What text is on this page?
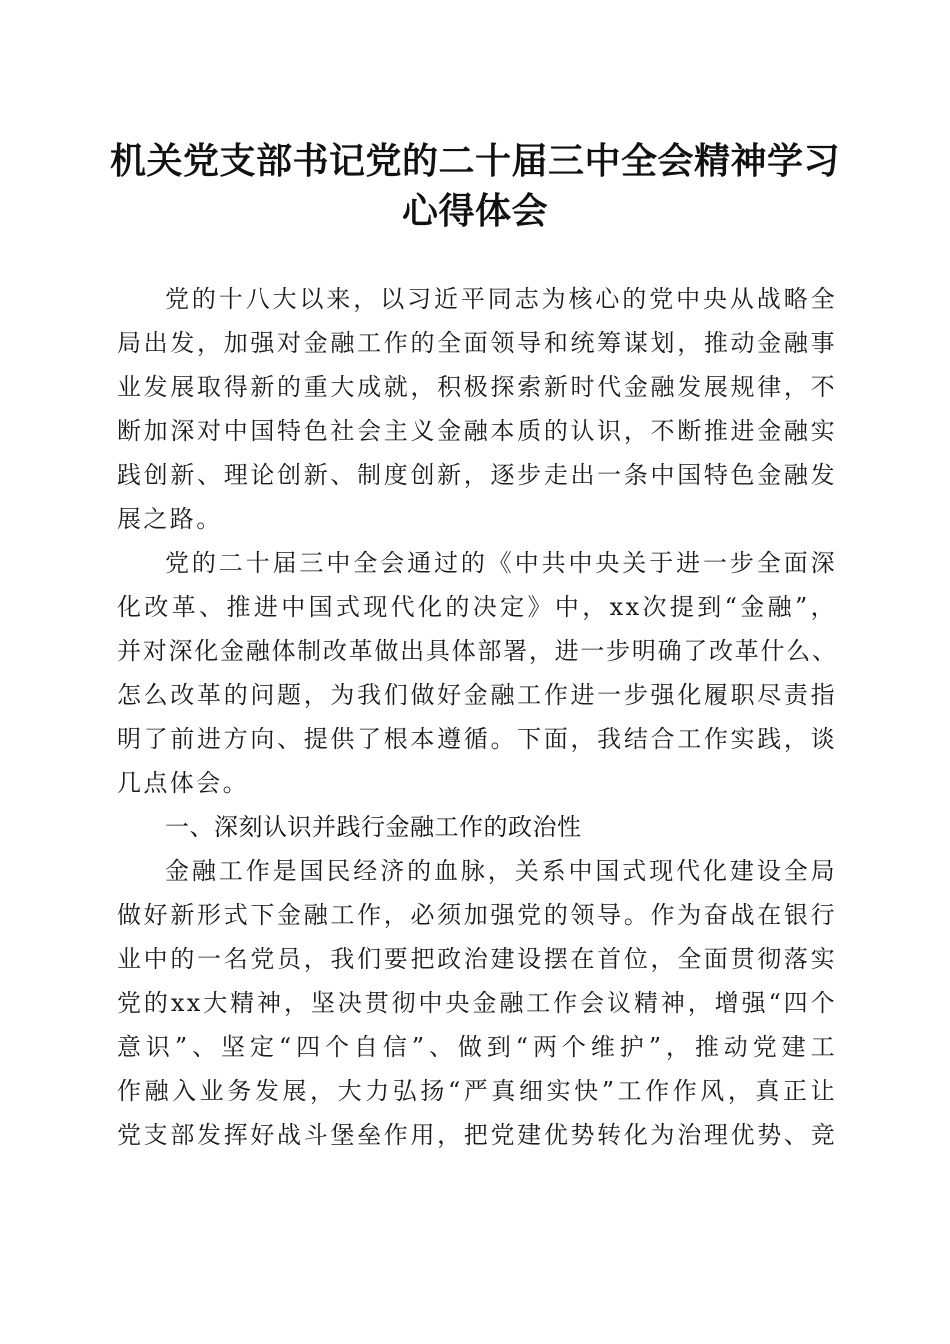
机关党支部书记党的二十届三中全会精神学习
心得体会

党的十八大以来，以习近平同志为核心的党中央从战略全
局出发，加强对金融工作的全面领导和统筹谋划，推动金融事
业发展取得新的重大成就，积极探索新时代金融发展规律，不
断加深对中国特色社会主义金融本质的认识，不断推进金融实
践创新、理论创新、制度创新，逐步走出一条中国特色金融发
展之路。

党的二十届三中全会通过的《中共中央关于进一步全面深
化改革、推进中国式现代化的决定》中，xx次提到“金融”，
并对深化金融体制改革做出具体部署，进一步明确了改革什么、
怎么改革的问题，为我们做好金融工作进一步强化履职尽责指
明了前进方向、提供了根本遵循。下面，我结合工作实践，谈
几点体会。

一、深刻认识并践行金融工作的政治性

金融工作是国民经济的血脉，关系中国式现代化建设全局
做好新形式下金融工作，必须加强党的领导。作为奋战在银行
业中的一名党员，我们要把政治建设摆在首位，全面贯彻落实
党的xx大精神，坚决贯彻中央金融工作会议精神，增强“四个
意识”、坚定“四个自信”、做到“两个维护”，推动党建工
作融入业务发展，大力弘扬“严真细实快”工作作风，真正让
党支部发挥好战斗堡垒作用，把党建优势转化为治理优势、竞
